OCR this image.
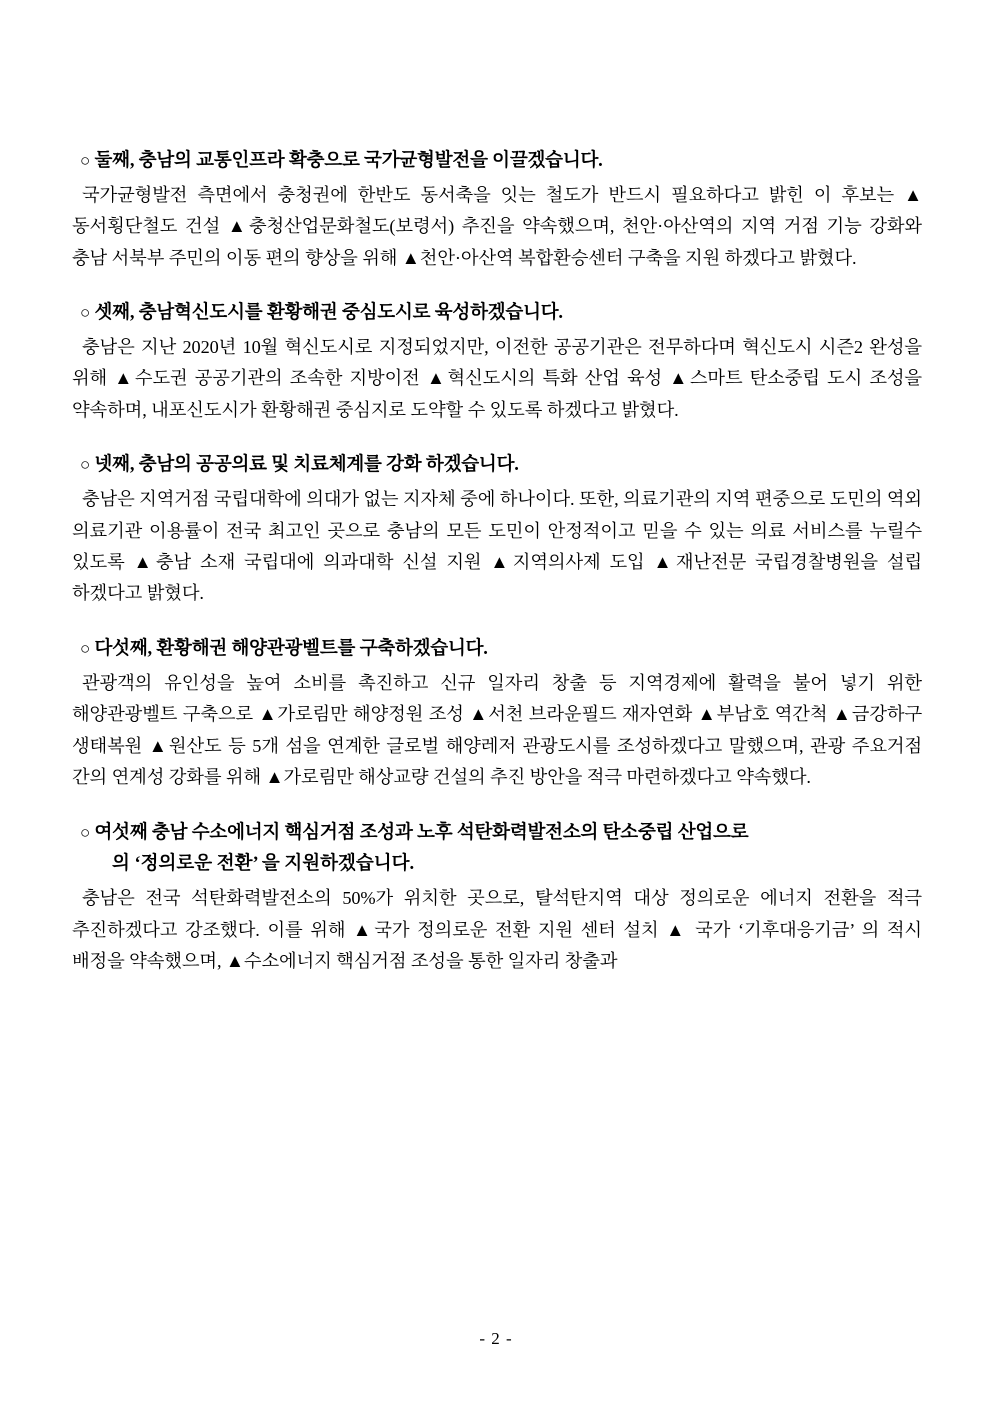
○ 둘째, 충남의 교통인프라 확충으로 국가균형발전을 이끌겠습니다.

국가균형발전 측면에서 충청권에 한반도 동서축을 잇는 철도가 반드시 필요하다고 밝힌 이 후보는 ▲동서횡단철도 건설 ▲충청산업문화철도(보령서) 추진을 약속했으며, 천안·아산역의 지역 거점 기능 강화와 충남 서북부 주민의 이동 편의 향상을 위해 ▲천안·아산역 복합환승센터 구축을 지원 하겠다고 밝혔다.

○ 셋째, 충남혁신도시를 환황해권 중심도시로 육성하겠습니다.

충남은 지난 2020년 10월 혁신도시로 지정되었지만, 이전한 공공기관은 전무하다며 혁신도시 시즌2 완성을 위해 ▲수도권 공공기관의 조속한 지방이전 ▲혁신도시의 특화 산업 육성 ▲스마트 탄소중립 도시 조성을 약속하며, 내포신도시가 환황해권 중심지로 도약할 수 있도록 하겠다고 밝혔다.

○ 넷째, 충남의 공공의료 및 치료체계를 강화 하겠습니다.

충남은 지역거점 국립대학에 의대가 없는 지자체 중에 하나이다. 또한, 의료기관의 지역 편중으로 도민의 역외 의료기관 이용률이 전국 최고인 곳으로 충남의 모든 도민이 안정적이고 믿을 수 있는 의료 서비스를 누릴수 있도록 ▲충남 소재 국립대에 의과대학 신설 지원 ▲지역의사제 도입 ▲재난전문 국립경찰병원을 설립 하겠다고 밝혔다.

○ 다섯째, 환황해권 해양관광벨트를 구축하겠습니다.

관광객의 유인성을 높여 소비를 촉진하고 신규 일자리 창출 등 지역경제에 활력을 불어 넣기 위한 해양관광벨트 구축으로 ▲가로림만 해양정원 조성 ▲서천 브라운필드 재자연화 ▲부남호 역간척 ▲금강하구 생태복원 ▲원산도 등 5개 섬을 연계한 글로벌 해양레저 관광도시를 조성하겠다고 말했으며, 관광 주요거점 간의 연계성 강화를 위해 ▲가로림만 해상교량 건설의 추진 방안을 적극 마련하겠다고 약속했다.

○ 여섯째 충남 수소에너지 핵심거점 조성과 노후 석탄화력발전소의 탄소중립 산업으로

의 ‘정의로운 전환’ 을 지원하겠습니다.

충남은 전국 석탄화력발전소의 50%가 위치한 곳으로, 탈석탄지역 대상 정의로운 에너지 전환을 적극 추진하겠다고 강조했다. 이를 위해 ▲국가 정의로운 전환 지원 센터 설치 ▲ 국가 ‘기후대응기금’ 의 적시 배정을 약속했으며, ▲수소에너지 핵심거점 조성을 통한 일자리 창출과

- 2 -
